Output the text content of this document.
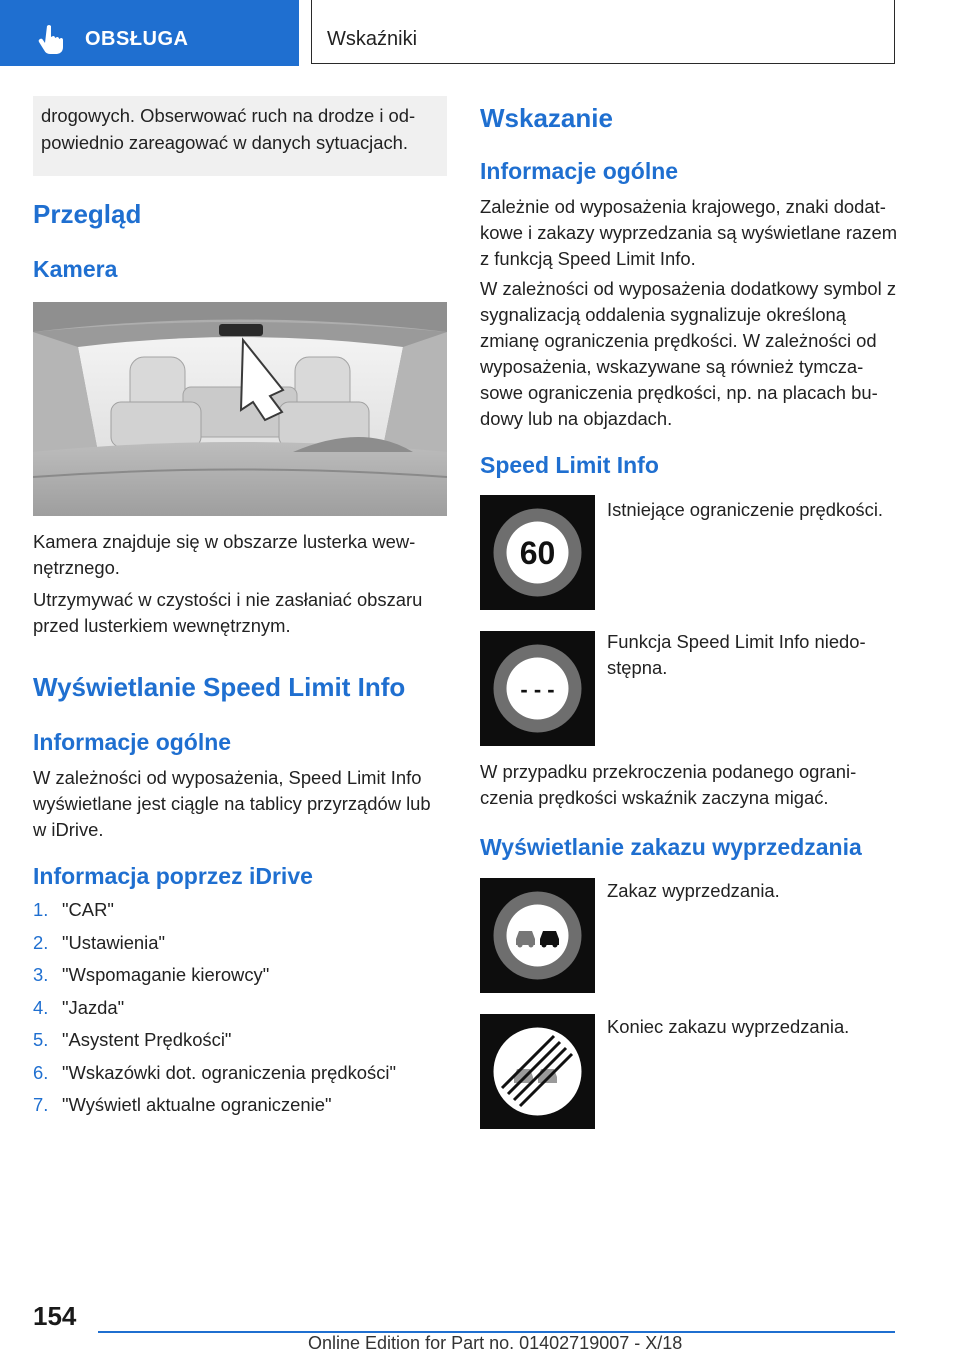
OBSŁUGA	Wskaźniki
drogowych. Obserwować ruch na drodze i odpowiednio zareagować w danych sytuacjach.
Przegląd
Kamera

Kamera znajduje się w obszarze lusterka wewnętrznego.

Utrzymywać w czystości i nie zasłaniać obszaru przed lusterkiem wewnętrznym.

Wyświetlanie Speed Limit Info
Informacje ogólne

W zależności od wyposażenia, Speed Limit Info wyświetlane jest ciągle na tablicy przyrządów lub w iDrive.

Informacja poprzez iDrive
1. "CAR"
2. "Ustawienia"
3. "Wspomaganie kierowcy"
4. "Jazda"
5. "Asystent Prędkości"
6. "Wskazówki dot. ograniczenia prędkości"
7. "Wyświetl aktualne ograniczenie"
Wskazanie
Informacje ogólne

Zależnie od wyposażenia krajowego, znaki dodatkowe i zakazy wyprzedzania są wyświetlane razem z funkcją Speed Limit Info.

W zależności od wyposażenia dodatkowy symbol z sygnalizacją oddalenia sygnalizuje określoną zmianę ograniczenia prędkości. W zależności od wyposażenia, wskazywane są również tymczasowe ograniczenia prędkości, np. na placach budowy lub na objazdach.

Speed Limit Info
60

Istniejące ograniczenie prędkości.

- - -

Funkcja Speed Limit Info niedostępna.

W przypadku przekroczenia podanego ograniczenia prędkości wskaźnik zaczyna migać.

Wyświetlanie zakazu wyprzedzania

Zakaz wyprzedzania.

Koniec zakazu wyprzedzania.

154
Online Edition for Part no. 01402719007 - X/18
